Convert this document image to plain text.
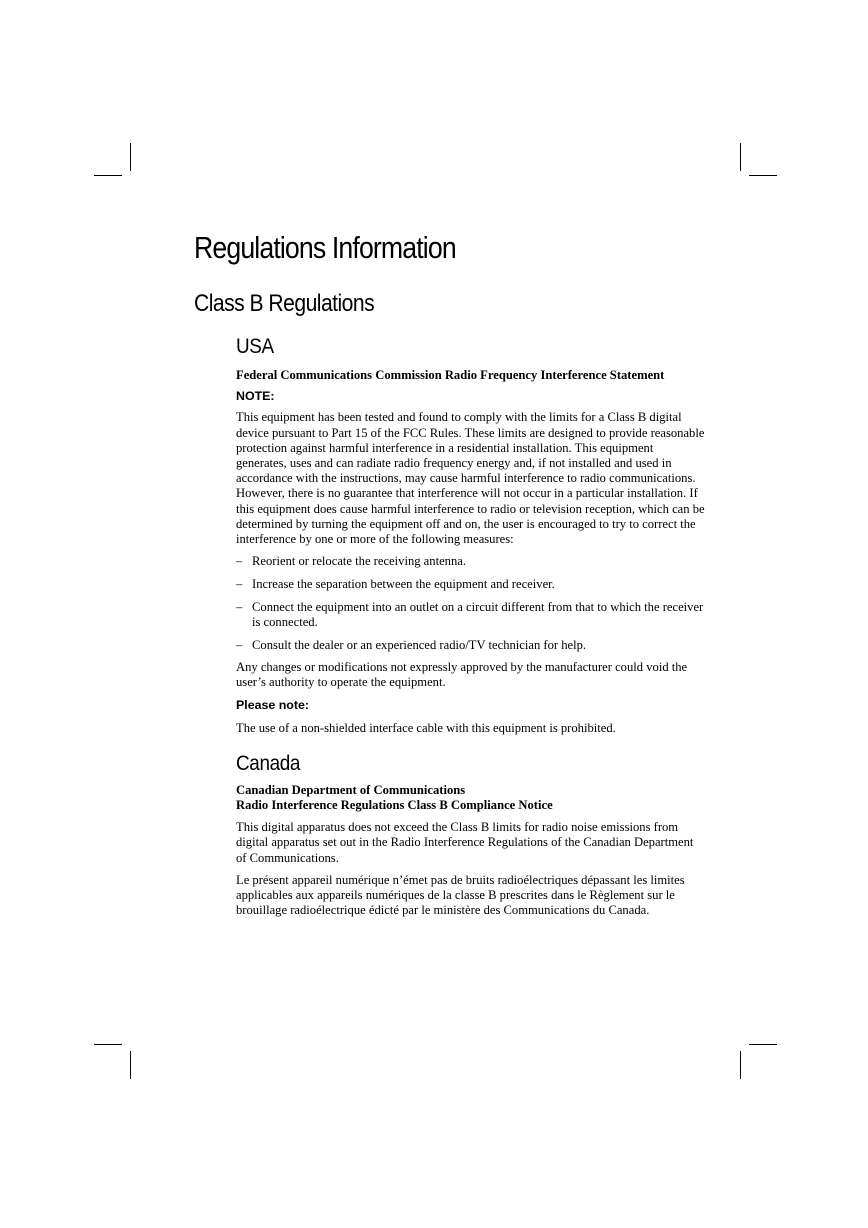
Regulations Information
Class B Regulations
USA

Federal Communications Commission Radio Frequency Interference Statement

NOTE:

This equipment has been tested and found to comply with the limits for a Class B digital device pursuant to Part 15 of the FCC Rules. These limits are designed to provide reasonable protection against harmful interference in a residential installation. This equipment generates, uses and can radiate radio frequency energy and, if not installed and used in accordance with the instructions, may cause harmful interference to radio communications. However, there is no guarantee that interference will not occur in a particular installation. If this equipment does cause harmful interference to radio or television reception, which can be determined by turning the equipment off and on, the user is encouraged to try to correct the interference by one or more of the following measures:

– Reorient or relocate the receiving antenna.
– Increase the separation between the equipment and receiver.
– Connect the equipment into an outlet on a circuit different from that to which the receiver is connected.
– Consult the dealer or an experienced radio/TV technician for help.

Any changes or modifications not expressly approved by the manufacturer could void the user’s authority to operate the equipment.

Please note:

The use of a non-shielded interface cable with this equipment is prohibited.

Canada

Canadian Department of Communications

Radio Interference Regulations Class B Compliance Notice

This digital apparatus does not exceed the Class B limits for radio noise emissions from digital apparatus set out in the Radio Interference Regulations of the Canadian Department of Communications.

Le présent appareil numérique n’émet pas de bruits radioélectriques dépassant les limites applicables aux appareils numériques de la classe B prescrites dans le Règlement sur le brouillage radioélectrique édicté par le ministère des Communications du Canada.
